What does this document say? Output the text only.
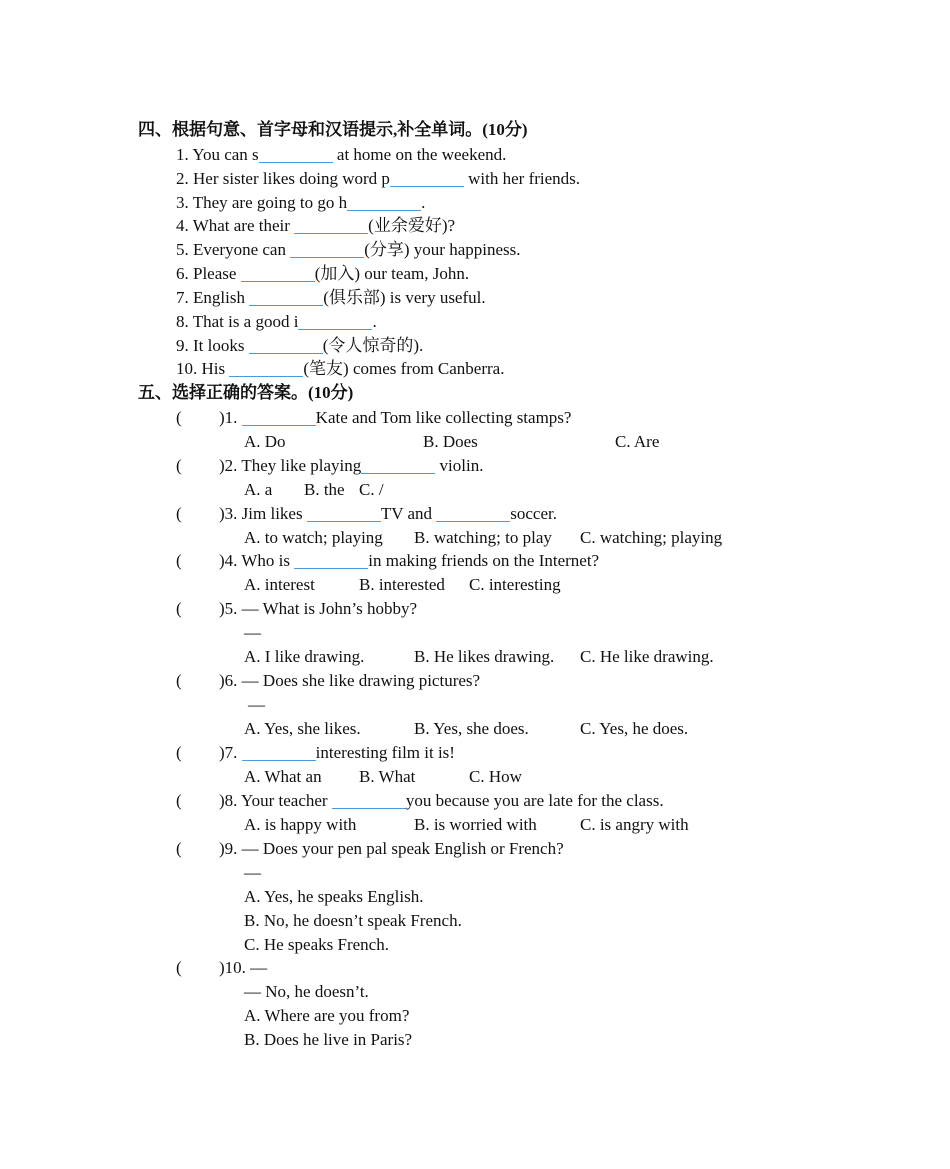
四、根据句意、首字母和汉语提示,补全单词。(10分)
1. You can s	at home on the weekend.
2. Her sister likes doing word p	with her friends.
3. They are going to go h	.
4. What are their	(业余爱好)?
5. Everyone can	(分享) your happiness.
6. Please	(加入) our team, John.
7. English	(俱乐部) is very useful.
8. That is a good i	.
9. It looks	(令人惊奇的).
10. His	(笔友) comes from Canberra.
五、选择正确的答案。(10分)
( )1.	Kate and Tom like collecting stamps?
A. Do	B. Does	C. Are
( )2. They like playing	violin.
A. a B. the C. /
( )3. Jim likes	TV and	soccer.
A. to watch; playing B. watching; to play C. watching; playing
( )4. Who is	in making friends on the Internet?
A. interest	B. interested C. interesting
( )5. — What is John’s hobby?
—
A. I like drawing.	B. He likes drawing. C. He like drawing.
( )6. — Does she like drawing pictures?
—
A. Yes, she likes.	B. Yes, she does.	C. Yes, he does.
( )7.	interesting film it is!
A. What an B. What	C. How
( )8. Your teacher	you because you are late for the class.
A. is happy with	B. is worried with	C. is angry with
( )9. — Does your pen pal speak English or French?
—
A. Yes, he speaks English.
B. No, he doesn’t speak French.
C. He speaks French.
( )10. —
— No, he doesn’t.
A. Where are you from?
B. Does he live in Paris?
